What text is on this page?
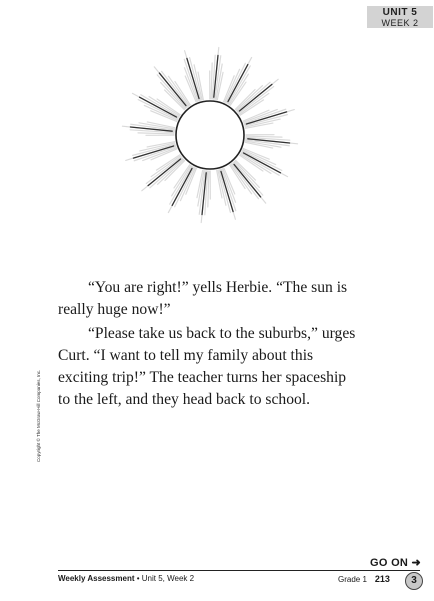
UNIT 5
WEEK 2

“You are right!” yells Herbie. “The sun is really huge now!”

“Please take us back to the suburbs,” urges Curt. “I want to tell my family about this exciting trip!” The teacher turns her spaceship to the left, and they head back to school.

Copyright © The McGraw-Hill Companies, Inc.
GO ON ➜
Weekly Assessment • Unit 5, Week 2	Grade 1 213	3
